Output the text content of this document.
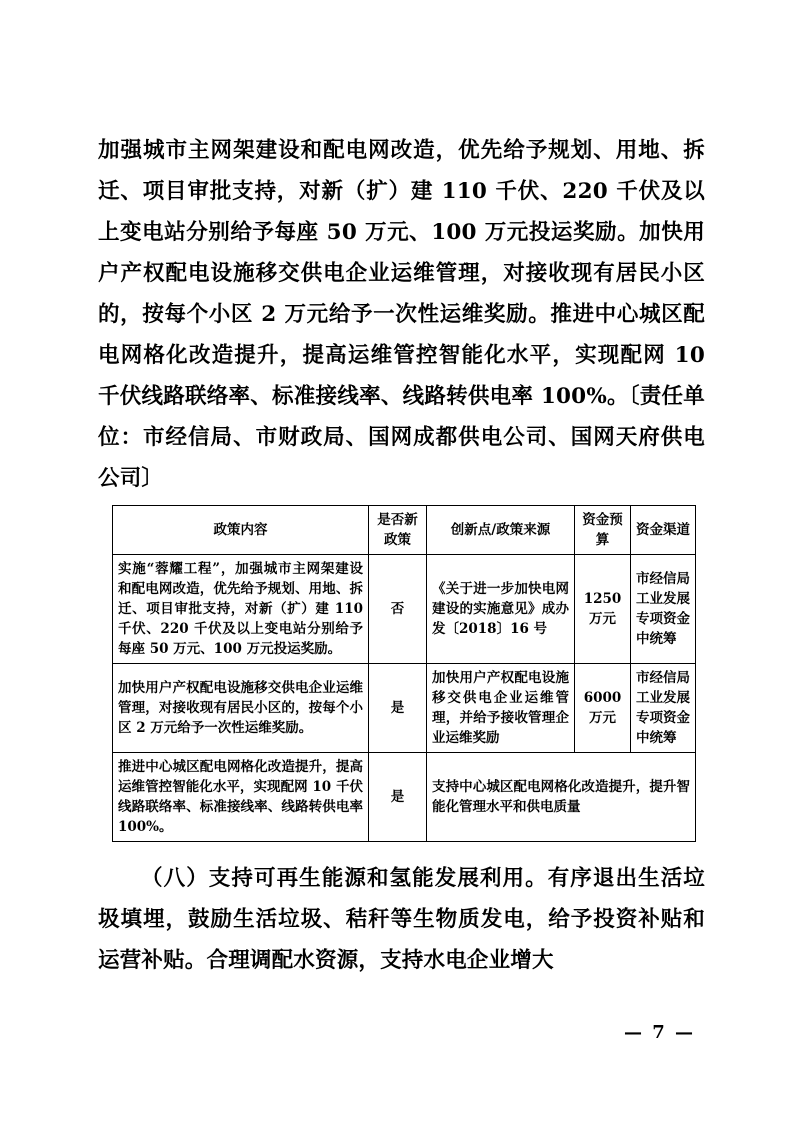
加强城市主网架建设和配电网改造，优先给予规划、用地、拆迁、项目审批支持，对新（扩）建 110 千伏、220 千伏及以上变电站分别给予每座 50 万元、100 万元投运奖励。加快用户产权配电设施移交供电企业运维管理，对接收现有居民小区的，按每个小区 2 万元给予一次性运维奖励。推进中心城区配电网格化改造提升，提高运维管控智能化水平，实现配网 10 千伏线路联络率、标准接线率、线路转供电率 100%。〔责任单位：市经信局、市财政局、国网成都供电公司、国网天府供电公司〕

政策内容	是否新政策	创新点/政策来源	资金预算	资金渠道
实施“蓉耀工程”，加强城市主网架建设和配电网改造，优先给予规划、用地、拆迁、项目审批支持，对新（扩）建 110 千伏、220 千伏及以上变电站分别给予每座 50 万元、100 万元投运奖励。	否	《关于进一步加快电网建设的实施意见》成办发〔2018〕16 号	1250 万元	市经信局工业发展专项资金中统筹
加快用户产权配电设施移交供电企业运维管理，对接收现有居民小区的，按每个小区 2 万元给予一次性运维奖励。	是	加快用户产权配电设施移交供电企业运维管理，并给予接收管理企业运维奖励	6000 万元	市经信局工业发展专项资金中统筹
推进中心城区配电网格化改造提升，提高运维管控智能化水平，实现配网 10 千伏线路联络率、标准接线率、线路转供电率 100%。	是	支持中心城区配电网格化改造提升，提升智能化管理水平和供电质量		

（八）支持可再生能源和氢能发展利用。有序退出生活垃圾填埋，鼓励生活垃圾、秸秆等生物质发电，给予投资补贴和运营补贴。合理调配水资源，支持水电企业增大

— 7 —
